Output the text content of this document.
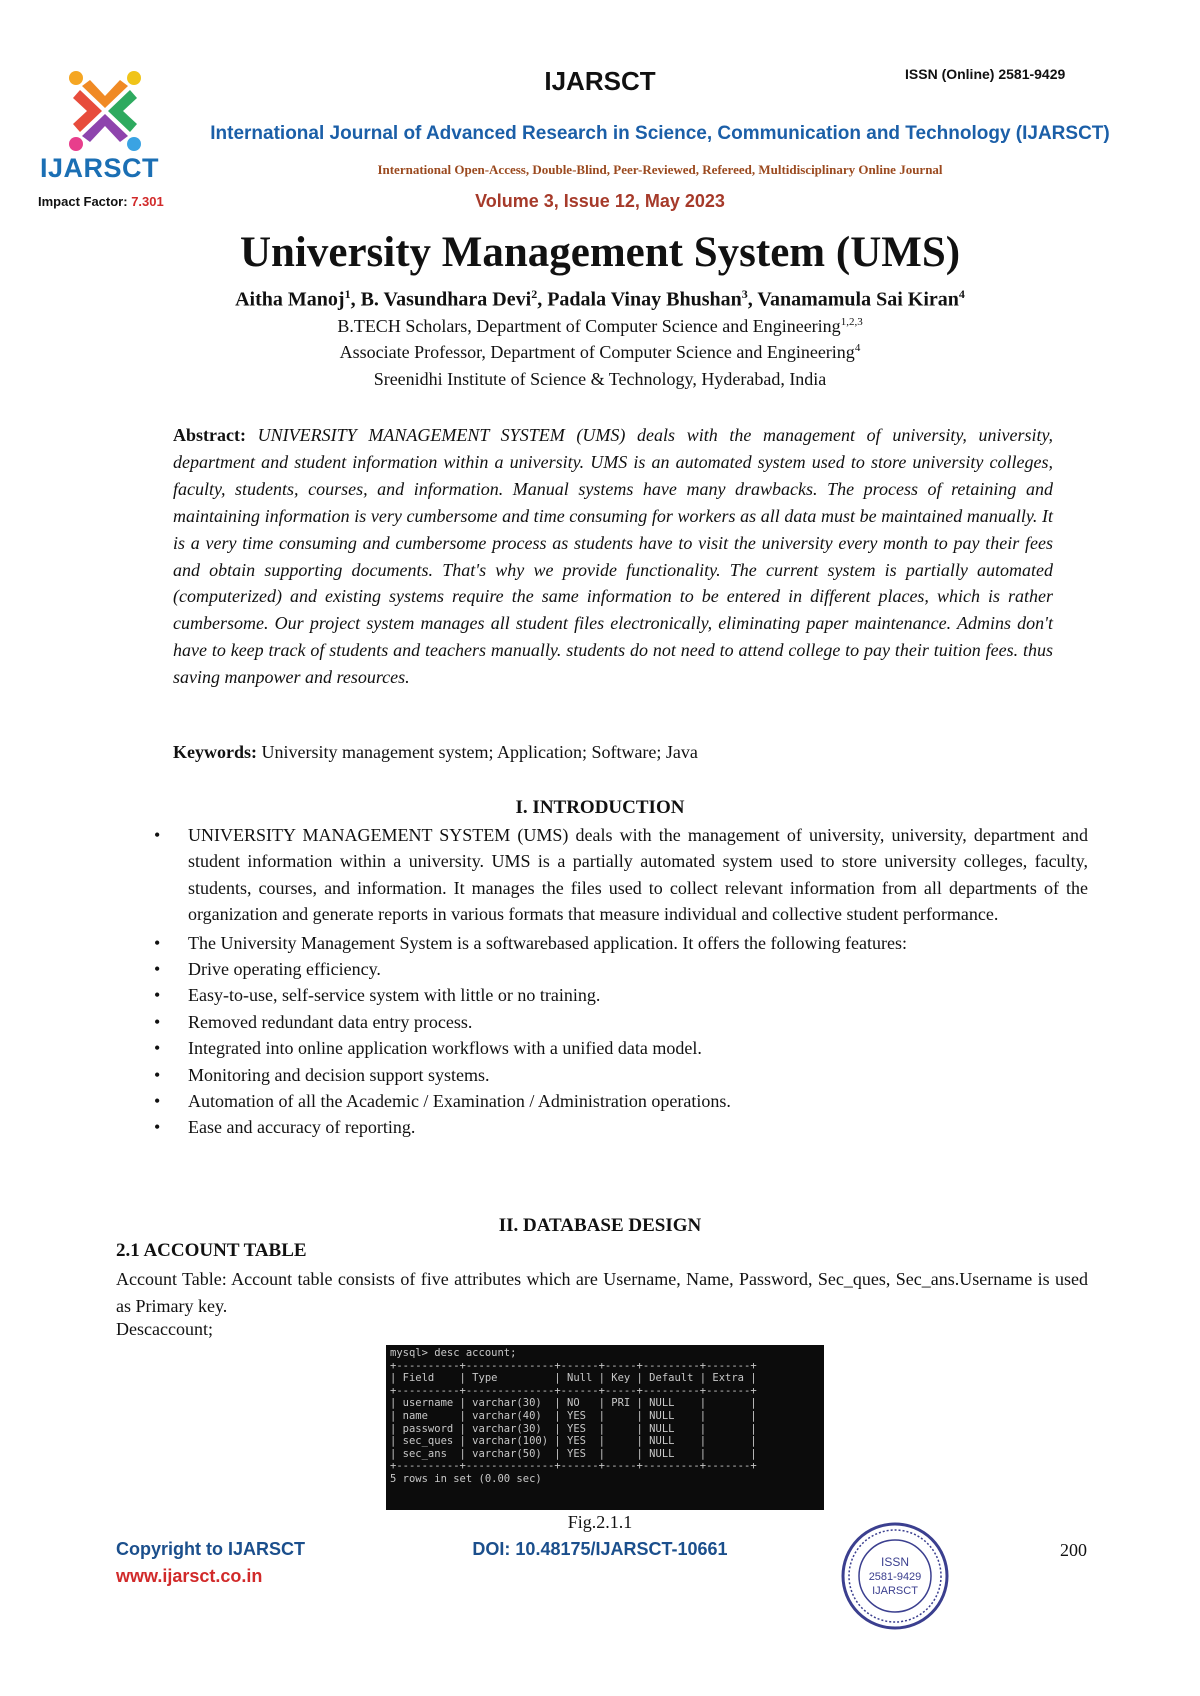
IJARSCT
Impact Factor: 7.301
IJARSCT	ISSN (Online) 2581-9429
International Journal of Advanced Research in Science, Communication and Technology (IJARSCT)
International Open-Access, Double-Blind, Peer-Reviewed, Refereed, Multidisciplinary Online Journal
Volume 3, Issue 12, May 2023
University Management System (UMS)
Aitha Manoj$^1$, B. Vasundhara Devi$^2$, Padala Vinay Bhushan$^3$, Vanamamula Sai Kiran$^4$
B.TECH Scholars, Department of Computer Science and Engineering$^{1,2,3}$
Associate Professor, Department of Computer Science and Engineering$^4$
Sreenidhi Institute of Science & Technology, Hyderabad, India
Abstract: UNIVERSITY MANAGEMENT SYSTEM (UMS) deals with the management of university, university, department and student information within a university. UMS is an automated system used to store university colleges, faculty, students, courses, and information. Manual systems have many drawbacks. The process of retaining and maintaining information is very cumbersome and time consuming for workers as all data must be maintained manually. It is a very time consuming and cumbersome process as students have to visit the university every month to pay their fees and obtain supporting documents. That's why we provide functionality. The current system is partially automated (computerized) and existing systems require the same information to be entered in different places, which is rather cumbersome. Our project system manages all student files electronically, eliminating paper maintenance. Admins don't have to keep track of students and teachers manually. students do not need to attend college to pay their tuition fees. thus saving manpower and resources.
Keywords: University management system; Application; Software; Java
I. INTRODUCTION
• UNIVERSITY MANAGEMENT SYSTEM (UMS) deals with the management of university, university, department and student information within a university. UMS is a partially automated system used to store university colleges, faculty, students, courses, and information. It manages the files used to collect relevant information from all departments of the organization and generate reports in various formats that measure individual and collective student performance.
• The University Management System is a softwarebased application. It offers the following features:
• Drive operating efficiency.
• Easy-to-use, self-service system with little or no training.
• Removed redundant data entry process.
• Integrated into online application workflows with a unified data model.
• Monitoring and decision support systems.
• Automation of all the Academic / Examination / Administration operations.
• Ease and accuracy of reporting.
II. DATABASE DESIGN
2.1 ACCOUNT TABLE
Account Table: Account table consists of five attributes which are Username, Name, Password, Sec_ques, Sec_ans.Username is used as Primary key.
Descaccount;
mysql> desc account;
+----------+--------------+------+-----+---------+-------+
| Field    | Type         | Null | Key | Default | Extra |
+----------+--------------+------+-----+---------+-------+
| username | varchar(30)  | NO   | PRI | NULL    |       |
| name     | varchar(40)  | YES  |     | NULL    |       |
| password | varchar(30)  | YES  |     | NULL    |       |
| sec_ques | varchar(100) | YES  |     | NULL    |       |
| sec_ans  | varchar(50)  | YES  |     | NULL    |       |
+----------+--------------+------+-----+---------+-------+
5 rows in set (0.00 sec)
Fig.2.1.1
Copyright to IJARSCT
www.ijarsct.co.in
DOI: 10.48175/IJARSCT-10661
ISSN
2581-9429
IJARSCT
200
